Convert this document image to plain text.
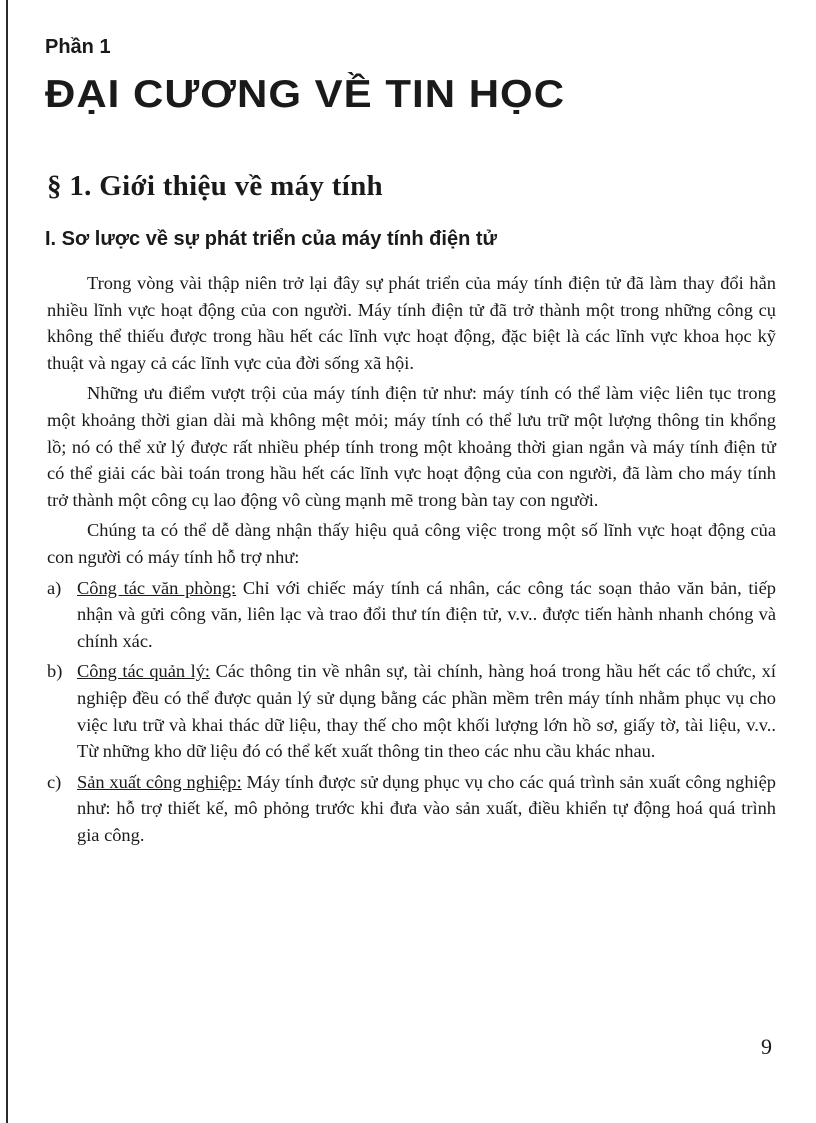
Phần 1
ĐẠI CƯƠNG VỀ TIN HỌC
§ 1. Giới thiệu về máy tính
I. Sơ lược về sự phát triển của máy tính điện tử

Trong vòng vài thập niên trở lại đây sự phát triển của máy tính điện tử đã làm thay đổi hẳn nhiều lĩnh vực hoạt động của con người. Máy tính điện tử đã trở thành một trong những công cụ không thể thiếu được trong hầu hết các lĩnh vực hoạt động, đặc biệt là các lĩnh vực khoa học kỹ thuật và ngay cả các lĩnh vực của đời sống xã hội.

Những ưu điểm vượt trội của máy tính điện tử như: máy tính có thể làm việc liên tục trong một khoảng thời gian dài mà không mệt mỏi; máy tính có thể lưu trữ một lượng thông tin khổng lồ; nó có thể xử lý được rất nhiều phép tính trong một khoảng thời gian ngắn và máy tính điện tử có thể giải các bài toán trong hầu hết các lĩnh vực hoạt động của con người, đã làm cho máy tính trở thành một công cụ lao động vô cùng mạnh mẽ trong bàn tay con người.

Chúng ta có thể dễ dàng nhận thấy hiệu quả công việc trong một số lĩnh vực hoạt động của con người có máy tính hỗ trợ như:

a) Công tác văn phòng: Chỉ với chiếc máy tính cá nhân, các công tác soạn thảo văn bản, tiếp nhận và gửi công văn, liên lạc và trao đổi thư tín điện tử, v.v.. được tiến hành nhanh chóng và chính xác.
b) Công tác quản lý: Các thông tin về nhân sự, tài chính, hàng hoá trong hầu hết các tổ chức, xí nghiệp đều có thể được quản lý sử dụng bằng các phần mềm trên máy tính nhằm phục vụ cho việc lưu trữ và khai thác dữ liệu, thay thế cho một khối lượng lớn hồ sơ, giấy tờ, tài liệu, v.v.. Từ những kho dữ liệu đó có thể kết xuất thông tin theo các nhu cầu khác nhau.
c) Sản xuất công nghiệp: Máy tính được sử dụng phục vụ cho các quá trình sản xuất công nghiệp như: hỗ trợ thiết kế, mô phỏng trước khi đưa vào sản xuất, điều khiển tự động hoá quá trình gia công.
9
